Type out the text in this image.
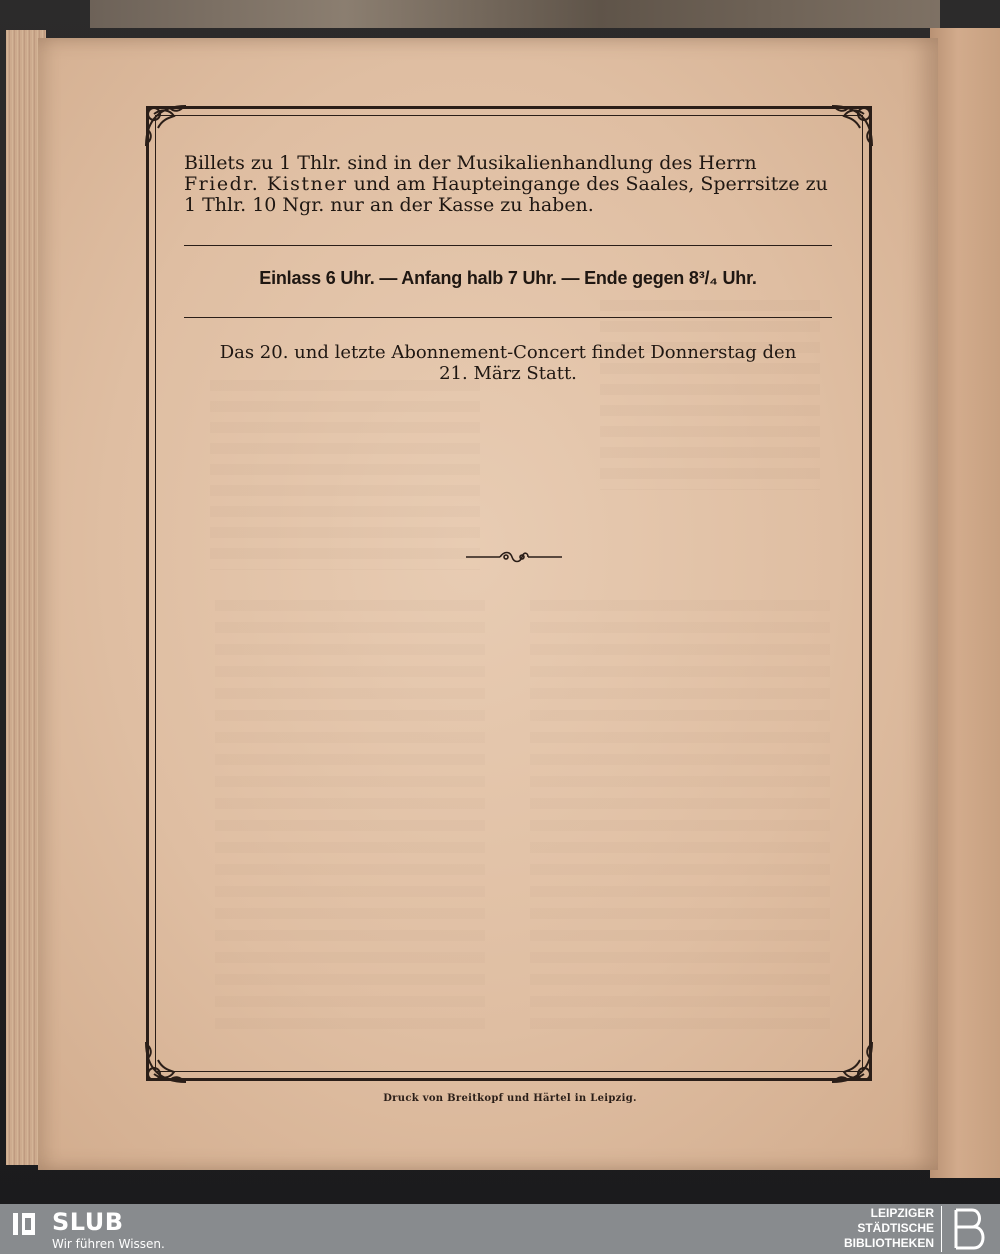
Billets zu 1 Thlr. sind in der Musikalienhandlung des Herrn
Friedr. Kistner und am Haupteingange des Saales, Sperrsitze zu
1 Thlr. 10 Ngr. nur an der Kasse zu haben.
Einlass 6 Uhr. — Anfang halb 7 Uhr. — Ende gegen 8³/₄ Uhr.
Das 20. und letzte Abonnement-Concert findet Donnerstag den
21. März Statt.
Druck von Breitkopf und Härtel in Leipzig.
SLUB
Wir führen Wissen.
LEIPZIGER
STÄDTISCHE
BIBLIOTHEKEN
